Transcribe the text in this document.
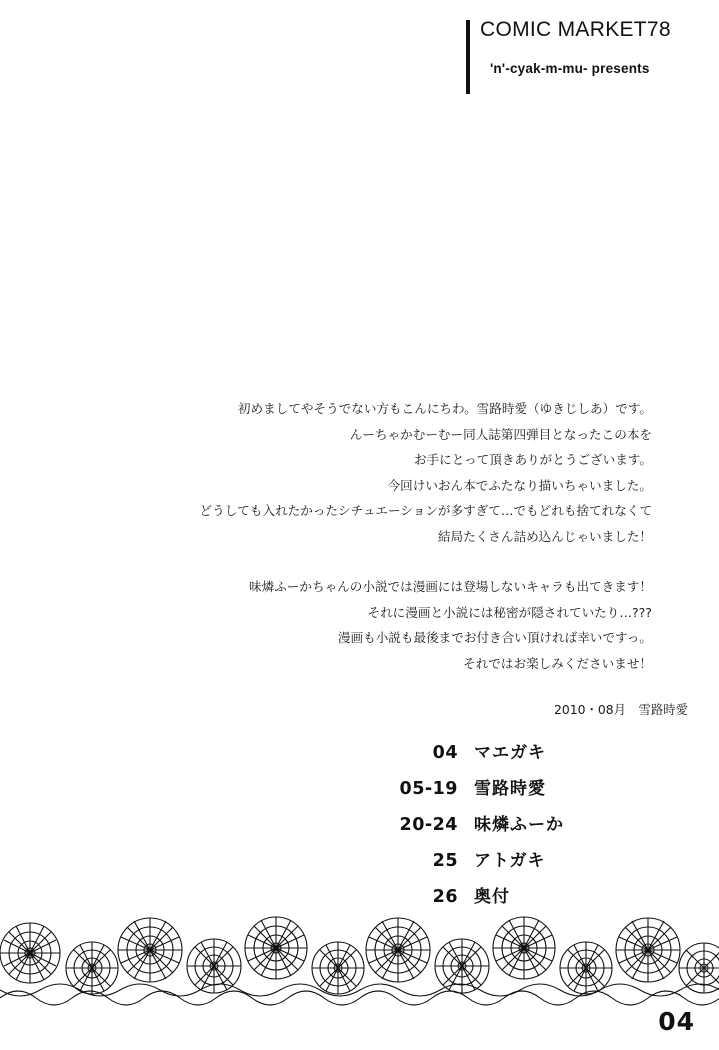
COMIC MARKET78
'n'-cyak-m-mu- presents

初めましてやそうでない方もこんにちわ。雪路時愛（ゆきじしあ）です。

んーちゃかむーむー同人誌第四弾目となったこの本を

お手にとって頂きありがとうございます。

今回けいおん本でふたなり描いちゃいました。

どうしても入れたかったシチュエーションが多すぎて…でもどれも捨てれなくて

結局たくさん詰め込んじゃいました！

味燐ふーかちゃんの小説では漫画には登場しないキャラも出てきます！

それに漫画と小説には秘密が隠されていたり…???

漫画も小説も最後までお付き合い頂ければ幸いですっ。

それではお楽しみくださいませ！

2010・08月　雪路時愛
04 マエガキ
05-19 雪路時愛
20-24 味燐ふーか
25 アトガキ
26 奥付
04
